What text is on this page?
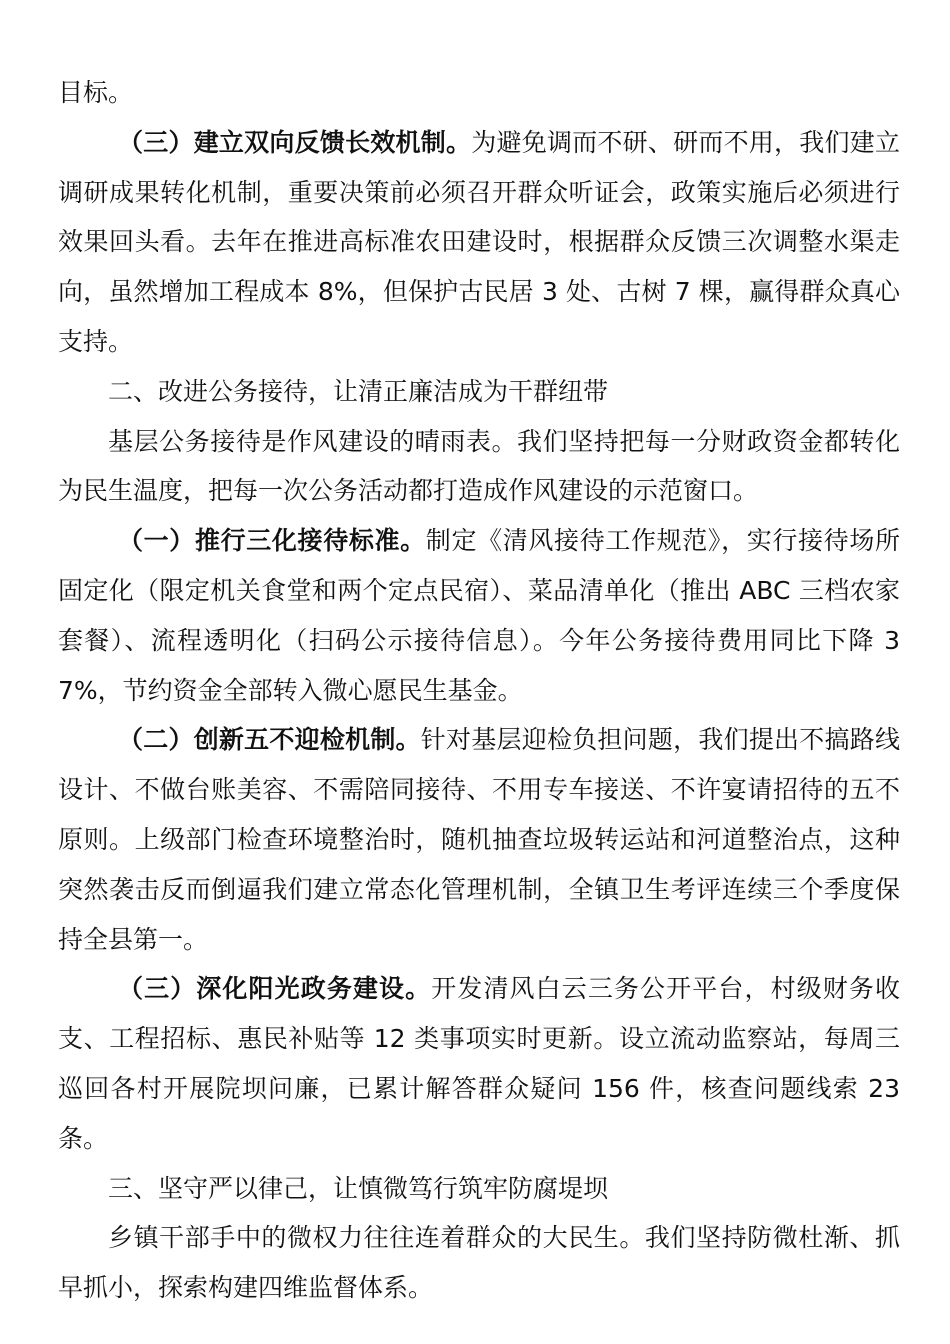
目标。

（三）建立双向反馈长效机制。为避免调而不研、研而不用，我们建立调研成果转化机制，重要决策前必须召开群众听证会，政策实施后必须进行效果回头看。去年在推进高标准农田建设时，根据群众反馈三次调整水渠走向，虽然增加工程成本 8%，但保护古民居 3 处、古树 7 棵，赢得群众真心支持。

二、改进公务接待，让清正廉洁成为干群纽带

基层公务接待是作风建设的晴雨表。我们坚持把每一分财政资金都转化为民生温度，把每一次公务活动都打造成作风建设的示范窗口。

（一）推行三化接待标准。制定《清风接待工作规范》，实行接待场所固定化（限定机关食堂和两个定点民宿）、菜品清单化（推出 ABC 三档农家套餐）、流程透明化（扫码公示接待信息）。今年公务接待费用同比下降 37%，节约资金全部转入微心愿民生基金。

（二）创新五不迎检机制。针对基层迎检负担问题，我们提出不搞路线设计、不做台账美容、不需陪同接待、不用专车接送、不许宴请招待的五不原则。上级部门检查环境整治时，随机抽查垃圾转运站和河道整治点，这种突然袭击反而倒逼我们建立常态化管理机制，全镇卫生考评连续三个季度保持全县第一。

（三）深化阳光政务建设。开发清风白云三务公开平台，村级财务收支、工程招标、惠民补贴等 12 类事项实时更新。设立流动监察站，每周三巡回各村开展院坝问廉，已累计解答群众疑问 156 件，核查问题线索 23 条。

三、坚守严以律己，让慎微笃行筑牢防腐堤坝

乡镇干部手中的微权力往往连着群众的大民生。我们坚持防微杜渐、抓早抓小，探索构建四维监督体系。
